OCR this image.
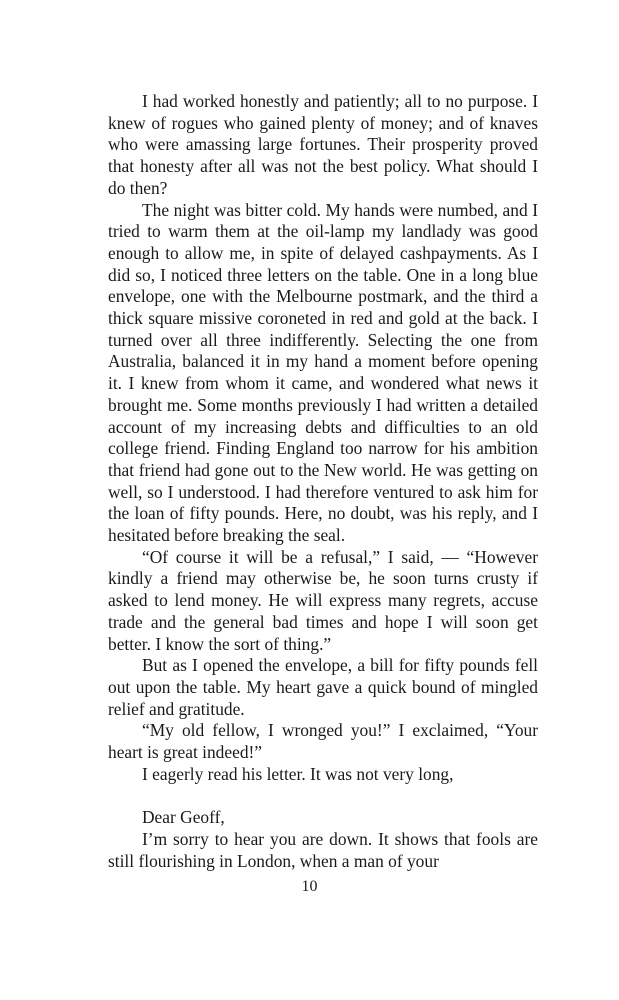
I had worked honestly and patiently; all to no purpose. I knew of rogues who gained plenty of money; and of knaves who were amassing large fortunes. Their prosperity proved that honesty after all was not the best policy. What should I do then?

The night was bitter cold. My hands were numbed, and I tried to warm them at the oil-lamp my landlady was good enough to allow me, in spite of delayed cashpayments. As I did so, I noticed three letters on the table. One in a long blue envelope, one with the Melbourne postmark, and the third a thick square missive coroneted in red and gold at the back. I turned over all three indifferently. Selecting the one from Australia, balanced it in my hand a moment before opening it. I knew from whom it came, and wondered what news it brought me. Some months previously I had written a detailed account of my increasing debts and difficulties to an old college friend. Finding England too narrow for his ambition that friend had gone out to the New world. He was getting on well, so I understood. I had therefore ventured to ask him for the loan of fifty pounds. Here, no doubt, was his reply, and I hesitated before breaking the seal.

“Of course it will be a refusal,” I said, — “However kindly a friend may otherwise be, he soon turns crusty if asked to lend money. He will express many regrets, accuse trade and the general bad times and hope I will soon get better. I know the sort of thing.”

But as I opened the envelope, a bill for fifty pounds fell out upon the table. My heart gave a quick bound of mingled relief and gratitude.

“My old fellow, I wronged you!” I exclaimed, “Your heart is great indeed!”

I eagerly read his letter. It was not very long,

Dear Geoff,

I’m sorry to hear you are down. It shows that fools are still flourishing in London, when a man of your

10
